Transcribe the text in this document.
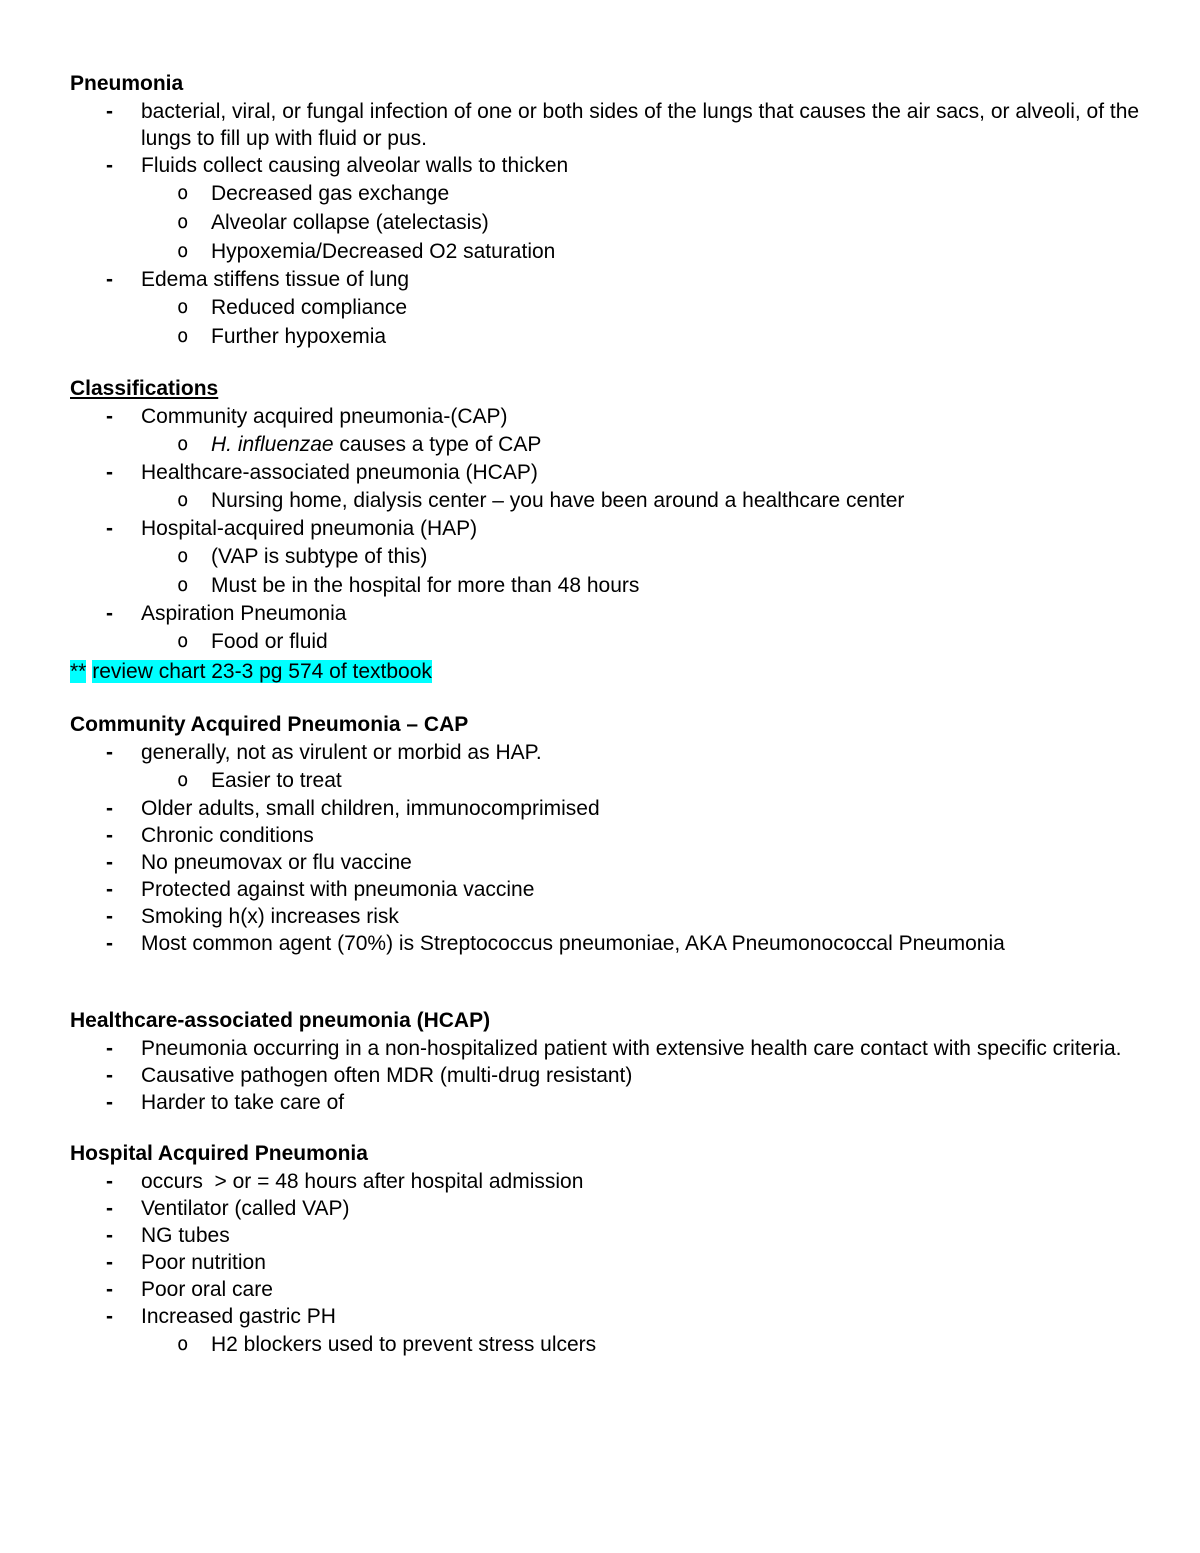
Pneumonia
- bacterial, viral, or fungal infection of one or both sides of the lungs that causes the air sacs, or alveoli, of the lungs to fill up with fluid or pus.
- Fluids collect causing alveolar walls to thicken
o Decreased gas exchange
o Alveolar collapse (atelectasis)
o Hypoxemia/Decreased O2 saturation
- Edema stiffens tissue of lung
o Reduced compliance
o Further hypoxemia
Classifications
- Community acquired pneumonia-(CAP)
o H. influenzae causes a type of CAP
- Healthcare-associated pneumonia (HCAP)
o Nursing home, dialysis center – you have been around a healthcare center
- Hospital-acquired pneumonia (HAP)
o (VAP is subtype of this)
o Must be in the hospital for more than 48 hours
- Aspiration Pneumonia
o Food or fluid
** review chart 23-3 pg 574 of textbook
Community Acquired Pneumonia – CAP
- generally, not as virulent or morbid as HAP.
o Easier to treat
- Older adults, small children, immunocomprimised
- Chronic conditions
- No pneumovax or flu vaccine
- Protected against with pneumonia vaccine
- Smoking h(x) increases risk
- Most common agent (70%) is Streptococcus pneumoniae, AKA Pneumonococcal Pneumonia
Healthcare-associated pneumonia (HCAP)
- Pneumonia occurring in a non-hospitalized patient with extensive health care contact with specific criteria.
- Causative pathogen often MDR (multi-drug resistant)
- Harder to take care of
Hospital Acquired Pneumonia
- occurs  > or = 48 hours after hospital admission
- Ventilator (called VAP)
- NG tubes
- Poor nutrition
- Poor oral care
- Increased gastric PH
o H2 blockers used to prevent stress ulcers
